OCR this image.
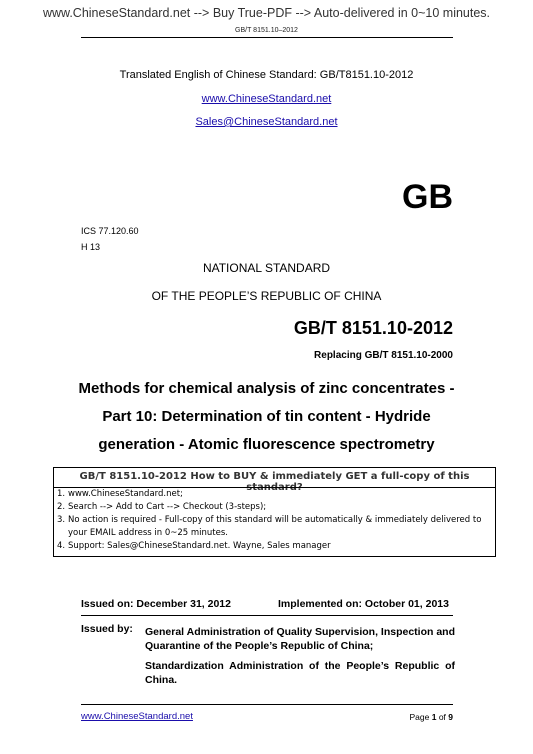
www.ChineseStandard.net --> Buy True-PDF --> Auto-delivered in 0~10 minutes.
GB/T 8151.10–2012
Translated English of Chinese Standard: GB/T8151.10-2012
www.ChineseStandard.net
Sales@ChineseStandard.net
GB
ICS 77.120.60
H 13
NATIONAL STANDARD
OF THE PEOPLE’S REPUBLIC OF CHINA
GB/T 8151.10-2012
Replacing GB/T 8151.10-2000
Methods for chemical analysis of zinc concentrates -
Part 10: Determination of tin content - Hydride
generation - Atomic fluorescence spectrometry
GB/T 8151.10-2012 How to BUY & immediately GET a full-copy of this standard?
1. www.ChineseStandard.net;
2. Search --> Add to Cart --> Checkout (3-steps);
3. No action is required - Full-copy of this standard will be automatically & immediately delivered to your EMAIL address in 0~25 minutes.
4. Support: Sales@ChineseStandard.net. Wayne, Sales manager
Issued on: December 31, 2012	Implemented on: October 01, 2013
Issued by: General Administration of Quality Supervision, Inspection and Quarantine of the People’s Republic of China;
Standardization Administration of the People’s Republic of China.
www.ChineseStandard.net	Page 1 of 9
